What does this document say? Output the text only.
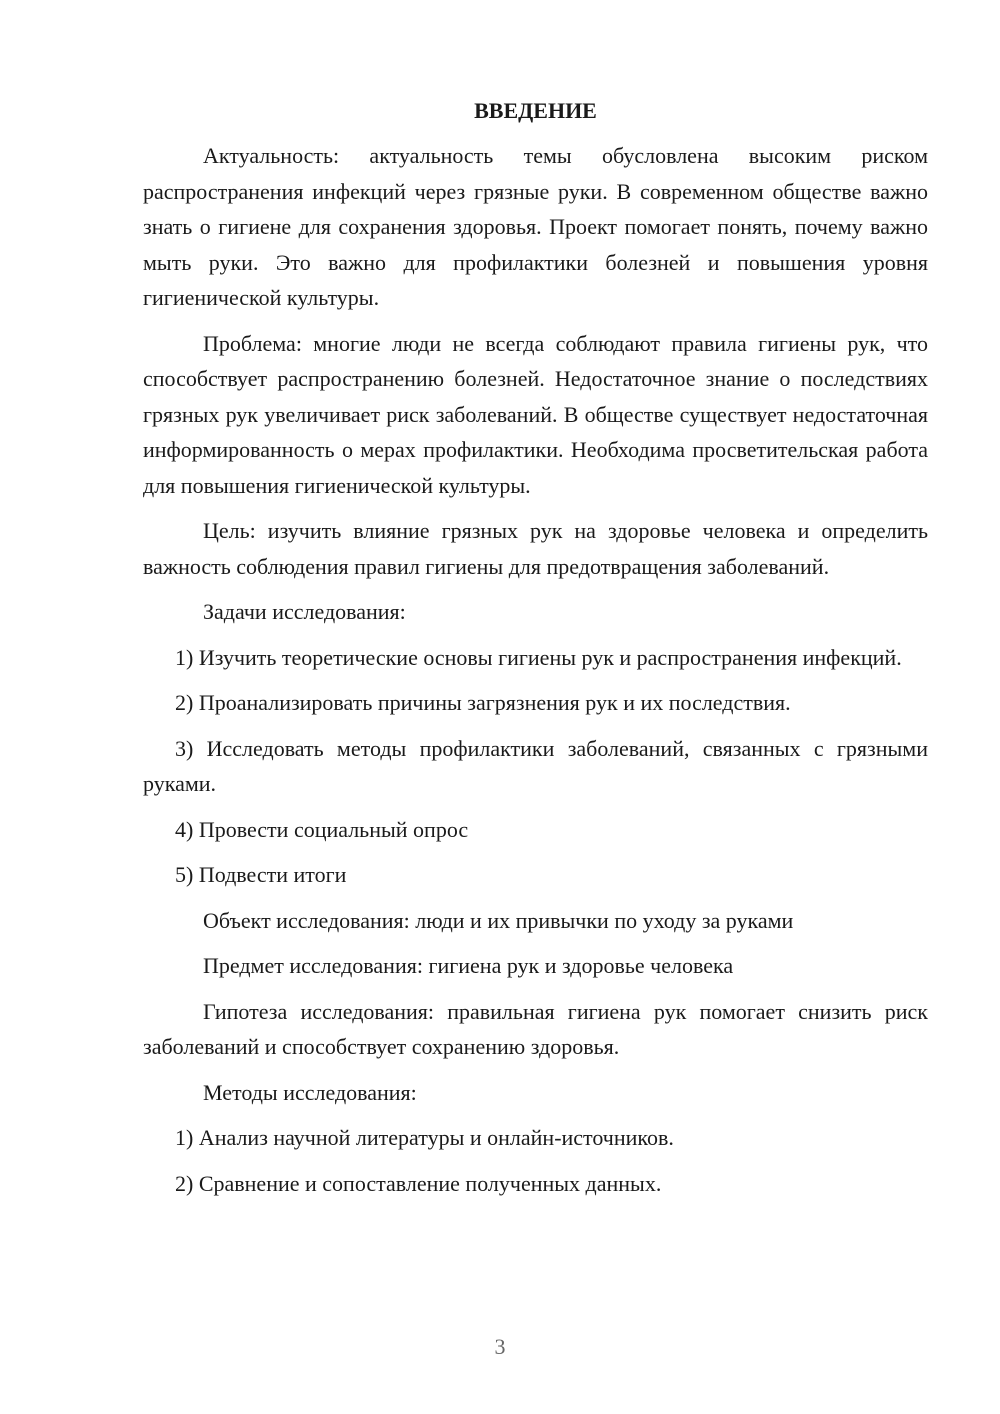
ВВЕДЕНИЕ

Актуальность: актуальность темы обусловлена высоким риском распространения инфекций через грязные руки. В современном обществе важно знать о гигиене для сохранения здоровья. Проект помогает понять, почему важно мыть руки. Это важно для профилактики болезней и повышения уровня гигиенической культуры.

Проблема: многие люди не всегда соблюдают правила гигиены рук, что способствует распространению болезней. Недостаточное знание о последствиях грязных рук увеличивает риск заболеваний. В обществе существует недостаточная информированность о мерах профилактики. Необходима просветительская работа для повышения гигиенической культуры.

Цель: изучить влияние грязных рук на здоровье человека и определить важность соблюдения правил гигиены для предотвращения заболеваний.

Задачи исследования:

1) Изучить теоретические основы гигиены рук и распространения инфекций.

2) Проанализировать причины загрязнения рук и их последствия.

3) Исследовать методы профилактики заболеваний, связанных с грязными руками.

4) Провести социальный опрос

5) Подвести итоги

Объект исследования: люди и их привычки по уходу за руками

Предмет исследования: гигиена рук и здоровье человека

Гипотеза исследования: правильная гигиена рук помогает снизить риск заболеваний и способствует сохранению здоровья.

Методы исследования:

1) Анализ научной литературы и онлайн-источников.

2) Сравнение и сопоставление полученных данных.

3
